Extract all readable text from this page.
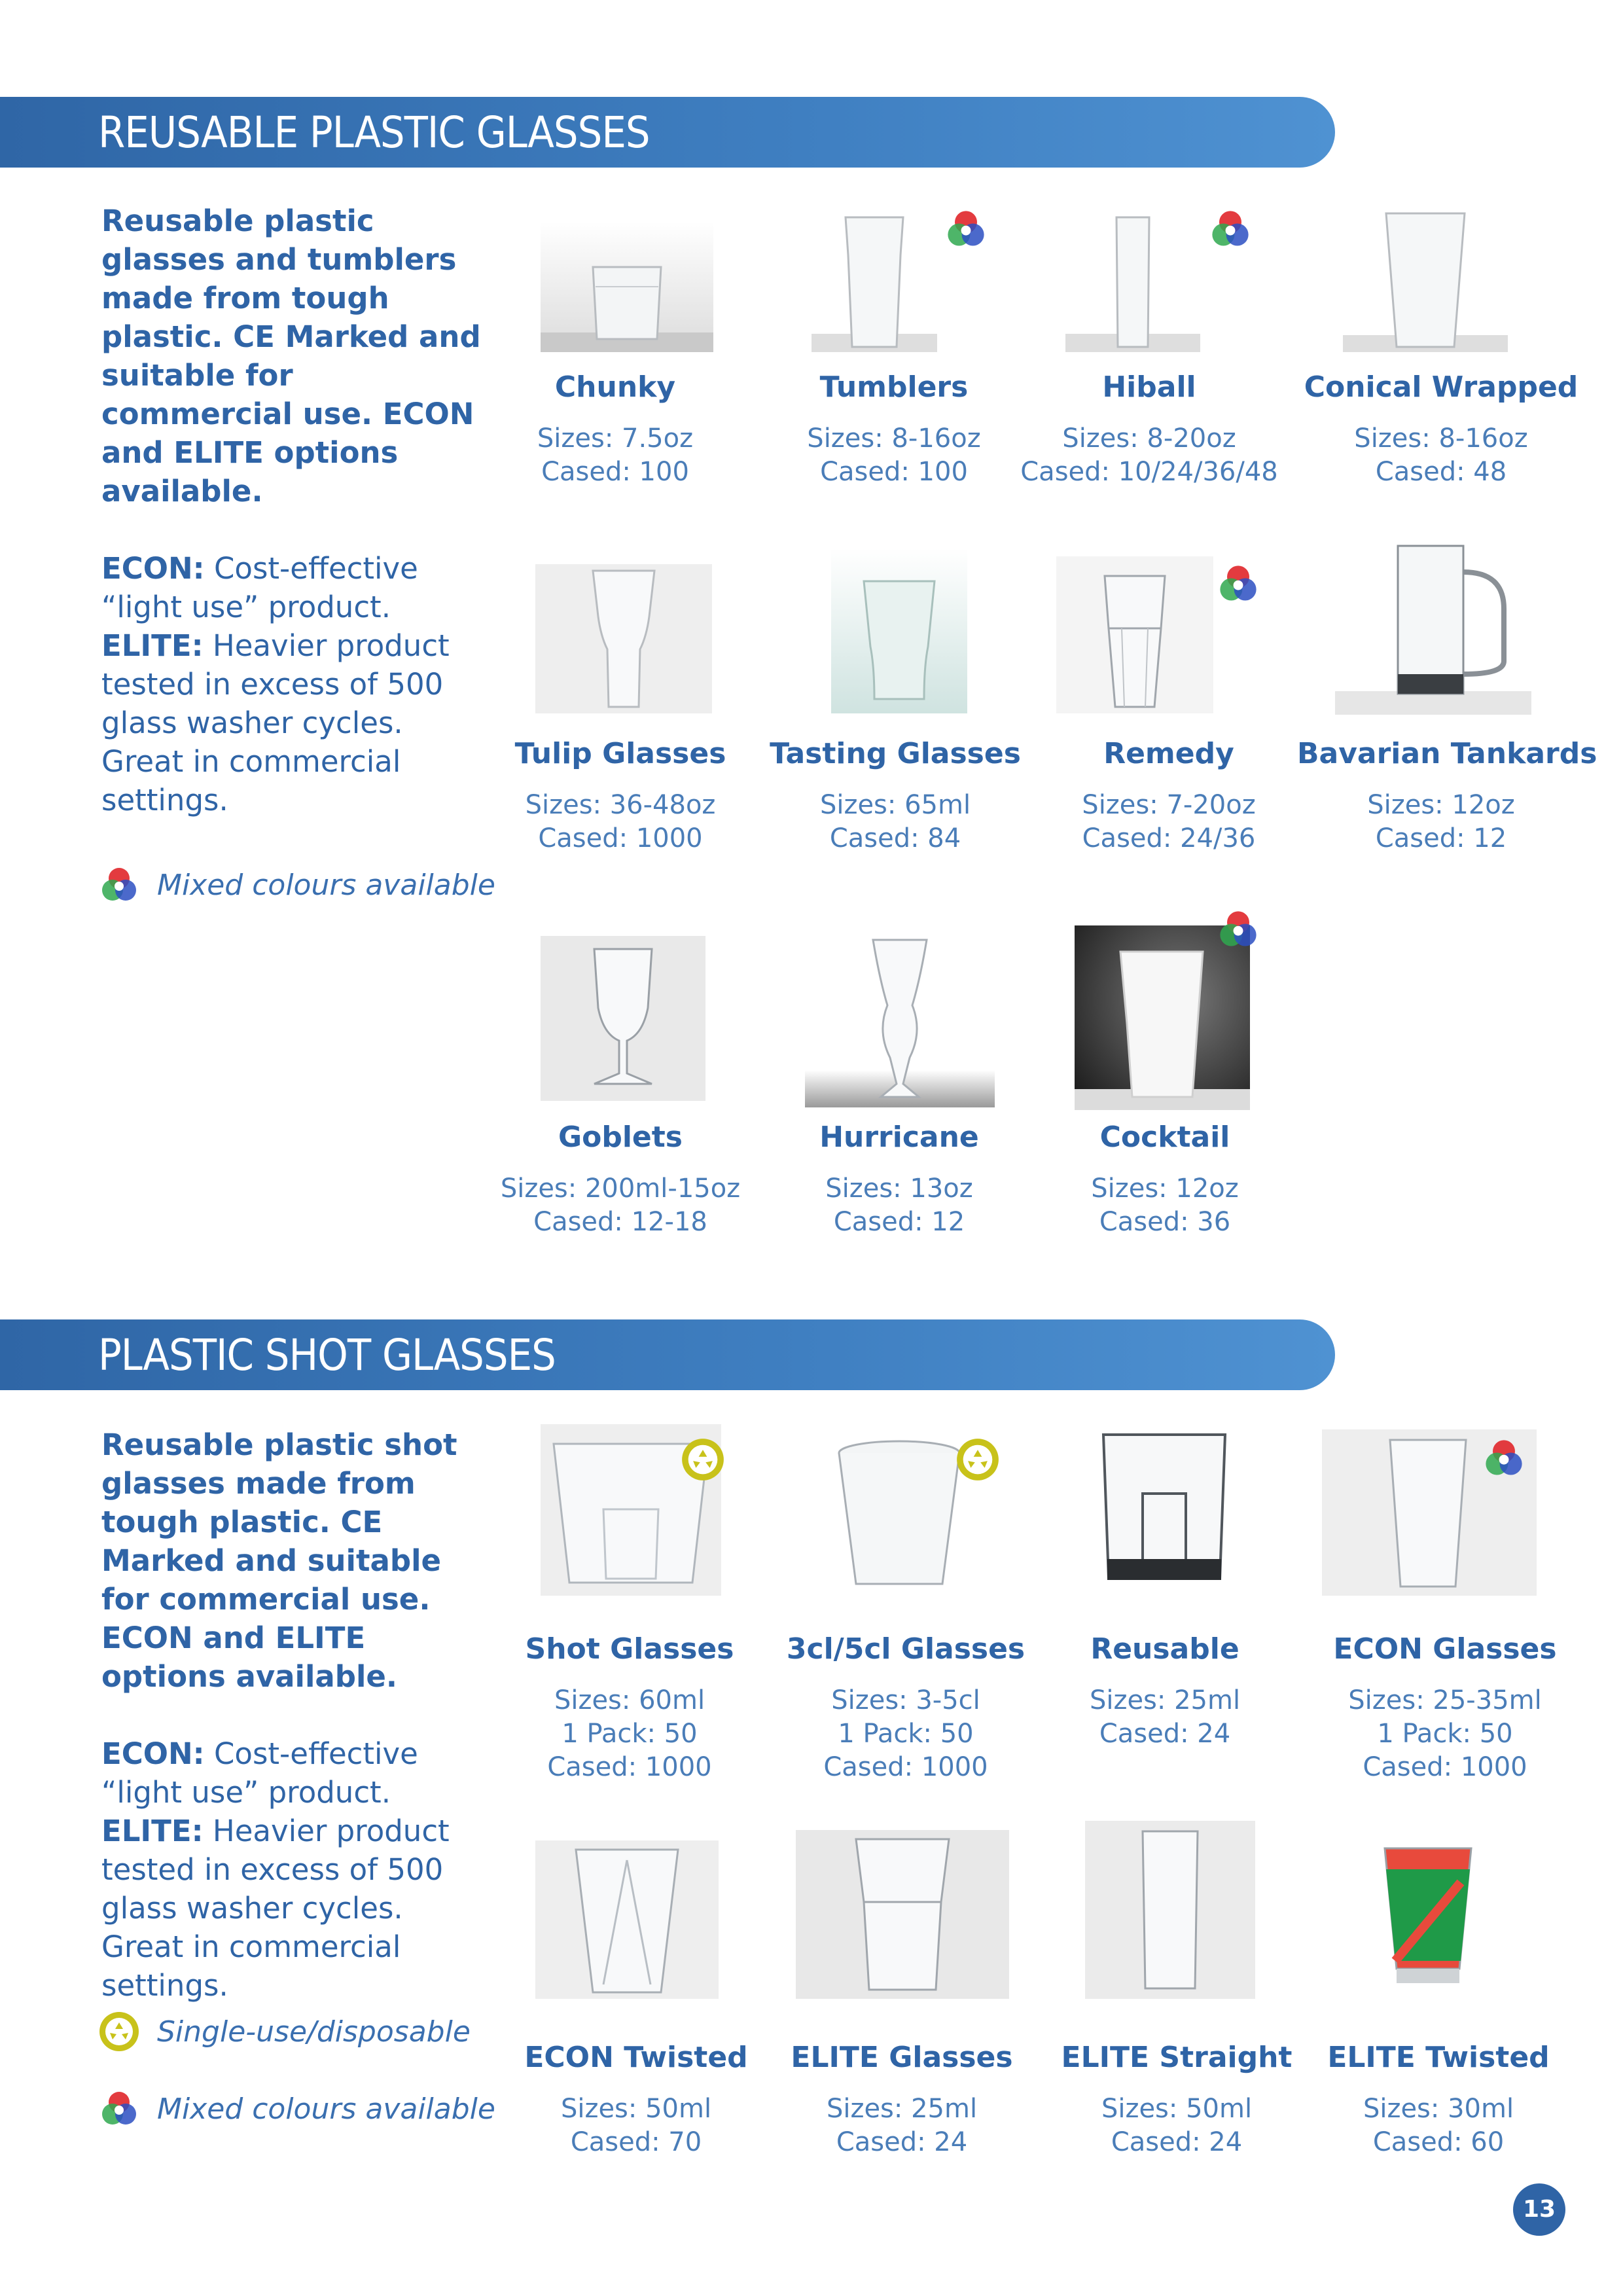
REUSABLE PLASTIC GLASSES
Reusable plastic glasses and tumblers made from tough plastic. CE Marked and suitable for commercial use. ECON and ELITE options available.
ECON: Cost-effective “light use” product.
ELITE: Heavier product tested in excess of 500 glass washer cycles. Great in commercial settings.
Mixed colours available
Chunky
Sizes: 7.5oz
Cased: 100
Tumblers
Sizes: 8-16oz
Cased: 100
Hiball
Sizes: 8-20oz
Cased: 10/24/36/48
Conical Wrapped
Sizes: 8-16oz
Cased: 48
Tulip Glasses
Sizes: 36-48oz
Cased: 1000
Tasting Glasses
Sizes: 65ml
Cased: 84
Remedy
Sizes: 7-20oz
Cased: 24/36
Bavarian Tankards
Sizes: 12oz
Cased: 12
Goblets
Sizes: 200ml-15oz
Cased: 12-18
Hurricane
Sizes: 13oz
Cased: 12
Cocktail
Sizes: 12oz
Cased: 36
PLASTIC SHOT GLASSES
Reusable plastic shot glasses made from tough plastic. CE Marked and suitable for commercial use. ECON and ELITE options available.
ECON: Cost-effective “light use” product.
ELITE: Heavier product tested in excess of 500 glass washer cycles. Great in commercial settings.
Single-use/disposable
Mixed colours available
Shot Glasses
Sizes: 60ml
1 Pack: 50
Cased: 1000
3cl/5cl Glasses
Sizes: 3-5cl
1 Pack: 50
Cased: 1000
Reusable
Sizes: 25ml
Cased: 24
ECON Glasses
Sizes: 25-35ml
1 Pack: 50
Cased: 1000
ECON Twisted
Sizes: 50ml
Cased: 70
ELITE Glasses
Sizes: 25ml
Cased: 24
ELITE Straight
Sizes: 50ml
Cased: 24
ELITE Twisted
Sizes: 30ml
Cased: 60
13
